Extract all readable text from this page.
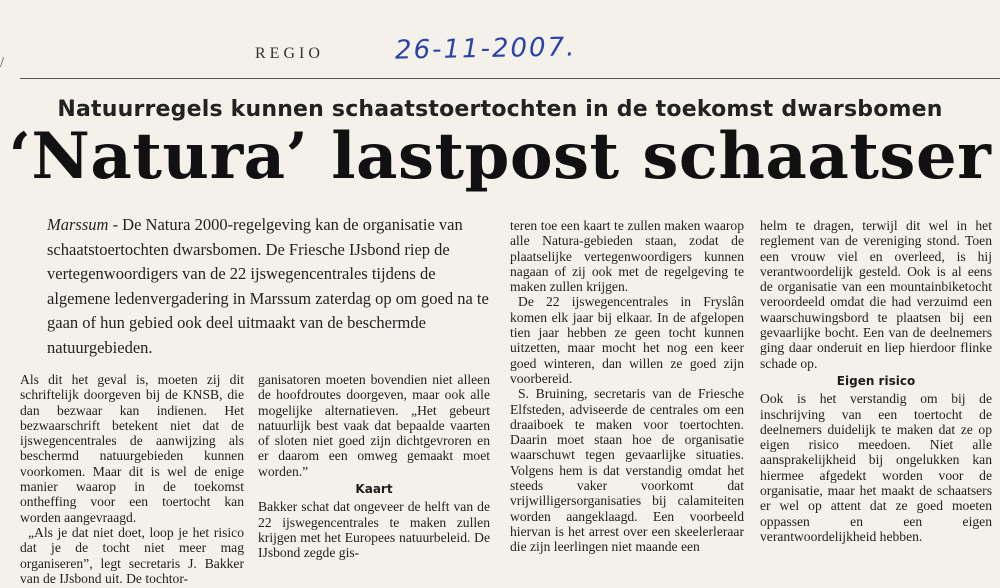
/	REGIO	26-11-2007.
Natuurregels kunnen schaatstoertochten in de toekomst dwarsbomen
‘Natura’ lastpost schaatser
Marssum - De Natura 2000-regelgeving kan de organisatie van schaatstoertochten dwarsbomen. De Friesche IJsbond riep de vertegenwoordigers van de 22 ijswegencentrales tijdens de algemene ledenvergadering in Marssum zaterdag op om goed na te gaan of hun gebied ook deel uitmaakt van de beschermde natuurgebieden.

Als dit het geval is, moeten zij dit schriftelijk doorgeven bij de KNSB, die dan bezwaar kan indienen. Het bezwaarschrift betekent niet dat de ijswegencentrales de aanwijzing als beschermd natuurgebieden kunnen voorkomen. Maar dit is wel de enige manier waarop in de toekomst ontheffing voor een toertocht kan worden aangevraagd.

„Als je dat niet doet, loop je het risico dat je de tocht niet meer mag organiseren”, legt secretaris J. Bakker van de IJsbond uit. De tochtor-

ganisatoren moeten bovendien niet alleen de hoofdroutes doorgeven, maar ook alle mogelijke alternatieven. „Het gebeurt natuurlijk best vaak dat bepaalde vaarten of sloten niet goed zijn dichtgevroren en er daarom een omweg gemaakt moet worden.”

Kaart

Bakker schat dat ongeveer de helft van de 22 ijswegencentrales te maken zullen krijgen met het Europees natuurbeleid. De IJsbond zegde gis-

teren toe een kaart te zullen maken waarop alle Natura-gebieden staan, zodat de plaatselijke vertegenwoordigers kunnen nagaan of zij ook met de regelgeving te maken zullen krijgen.

De 22 ijswegencentrales in Fryslân komen elk jaar bij elkaar. In de afgelopen tien jaar hebben ze geen tocht kunnen uitzetten, maar mocht het nog een keer goed winteren, dan willen ze goed zijn voorbereid.

S. Bruining, secretaris van de Friesche Elfsteden, adviseerde de centrales om een draaiboek te maken voor toertochten. Daarin moet staan hoe de organisatie waarschuwt tegen gevaarlijke situaties. Volgens hem is dat verstandig omdat het steeds vaker voorkomt dat vrijwilligersorganisaties bij calamiteiten worden aangeklaagd. Een voorbeeld hiervan is het arrest over een skeelerleraar die zijn leerlingen niet maande een

helm te dragen, terwijl dit wel in het reglement van de vereniging stond. Toen een vrouw viel en overleed, is hij verantwoordelijk gesteld. Ook is al eens de organisatie van een mountainbiketocht veroordeeld omdat die had verzuimd een waarschuwingsbord te plaatsen bij een gevaarlijke bocht. Een van de deelnemers ging daar onderuit en liep hierdoor flinke schade op.

Eigen risico

Ook is het verstandig om bij de inschrijving van een toertocht de deelnemers duidelijk te maken dat ze op eigen risico meedoen. Niet alle aansprakelijkheid bij ongelukken kan hiermee afgedekt worden voor de organisatie, maar het maakt de schaatsers er wel op attent dat ze goed moeten oppassen en een eigen verantwoordelijkheid hebben.
